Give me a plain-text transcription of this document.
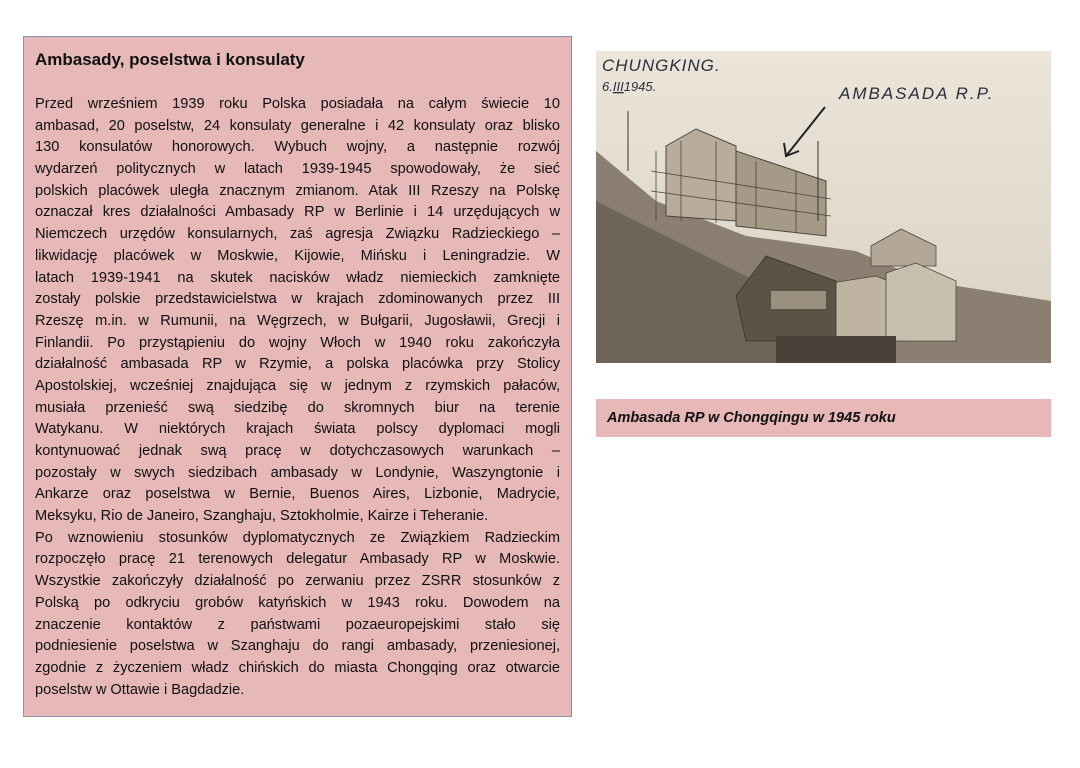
Ambasady, poselstwa i konsulaty
Przed wrześniem 1939 roku Polska posiadała na całym świecie 10
ambasad, 20 poselstw, 24 konsulaty generalne i 42 konsulaty oraz blisko
130 konsulatów honorowych. Wybuch wojny, a następnie rozwój
wydarzeń politycznych w latach 1939-1945 spowodowały, że sieć
polskich placówek uległa znacznym zmianom. Atak III Rzeszy na Polskę
oznaczał kres działalności Ambasady RP w Berlinie i 14 urzędujących w
Niemczech urzędów konsularnych, zaś agresja Związku Radzieckiego –
likwidację placówek w Moskwie, Kijowie, Mińsku i Leningradzie. W
latach 1939-1941 na skutek nacisków władz niemieckich zamknięte
zostały polskie przedstawicielstwa w krajach zdominowanych przez III
Rzeszę m.in. w Rumunii, na Węgrzech, w Bułgarii, Jugosławii, Grecji i
Finlandii. Po przystąpieniu do wojny Włoch w 1940 roku zakończyła
działalność ambasada RP w Rzymie, a polska placówka przy Stolicy
Apostolskiej, wcześniej znajdująca się w jednym z rzymskich pałaców,
musiała przenieść swą siedzibę do skromnych biur na terenie
Watykanu. W niektórych krajach świata polscy dyplomaci mogli
kontynuować jednak swą pracę w dotychczasowych warunkach –
pozostały w swych siedzibach ambasady w Londynie, Waszyngtonie i
Ankarze oraz poselstwa w Bernie, Buenos Aires, Lizbonie, Madrycie,
Meksyku, Rio de Janeiro, Szanghaju, Sztokholmie, Kairze i Teheranie.
Po wznowieniu stosunków dyplomatycznych ze Związkiem Radzieckim
rozpoczęło pracę 21 terenowych delegatur Ambasady RP w Moskwie.
Wszystkie zakończyły działalność po zerwaniu przez ZSRR stosunków z
Polską po odkryciu grobów katyńskich w 1943 roku. Dowodem na
znaczenie kontaktów z państwami pozaeuropejskimi stało się
podniesienie poselstwa w Szanghaju do rangi ambasady, przeniesionej,
zgodnie z życzeniem władz chińskich do miasta Chongqing oraz otwarcie
poselstw w Ottawie i Bagdadzie.
CHUNGKING.
6.III1945.	AMBASADA R.P.
Ambasada RP w Chongqingu w 1945 roku
